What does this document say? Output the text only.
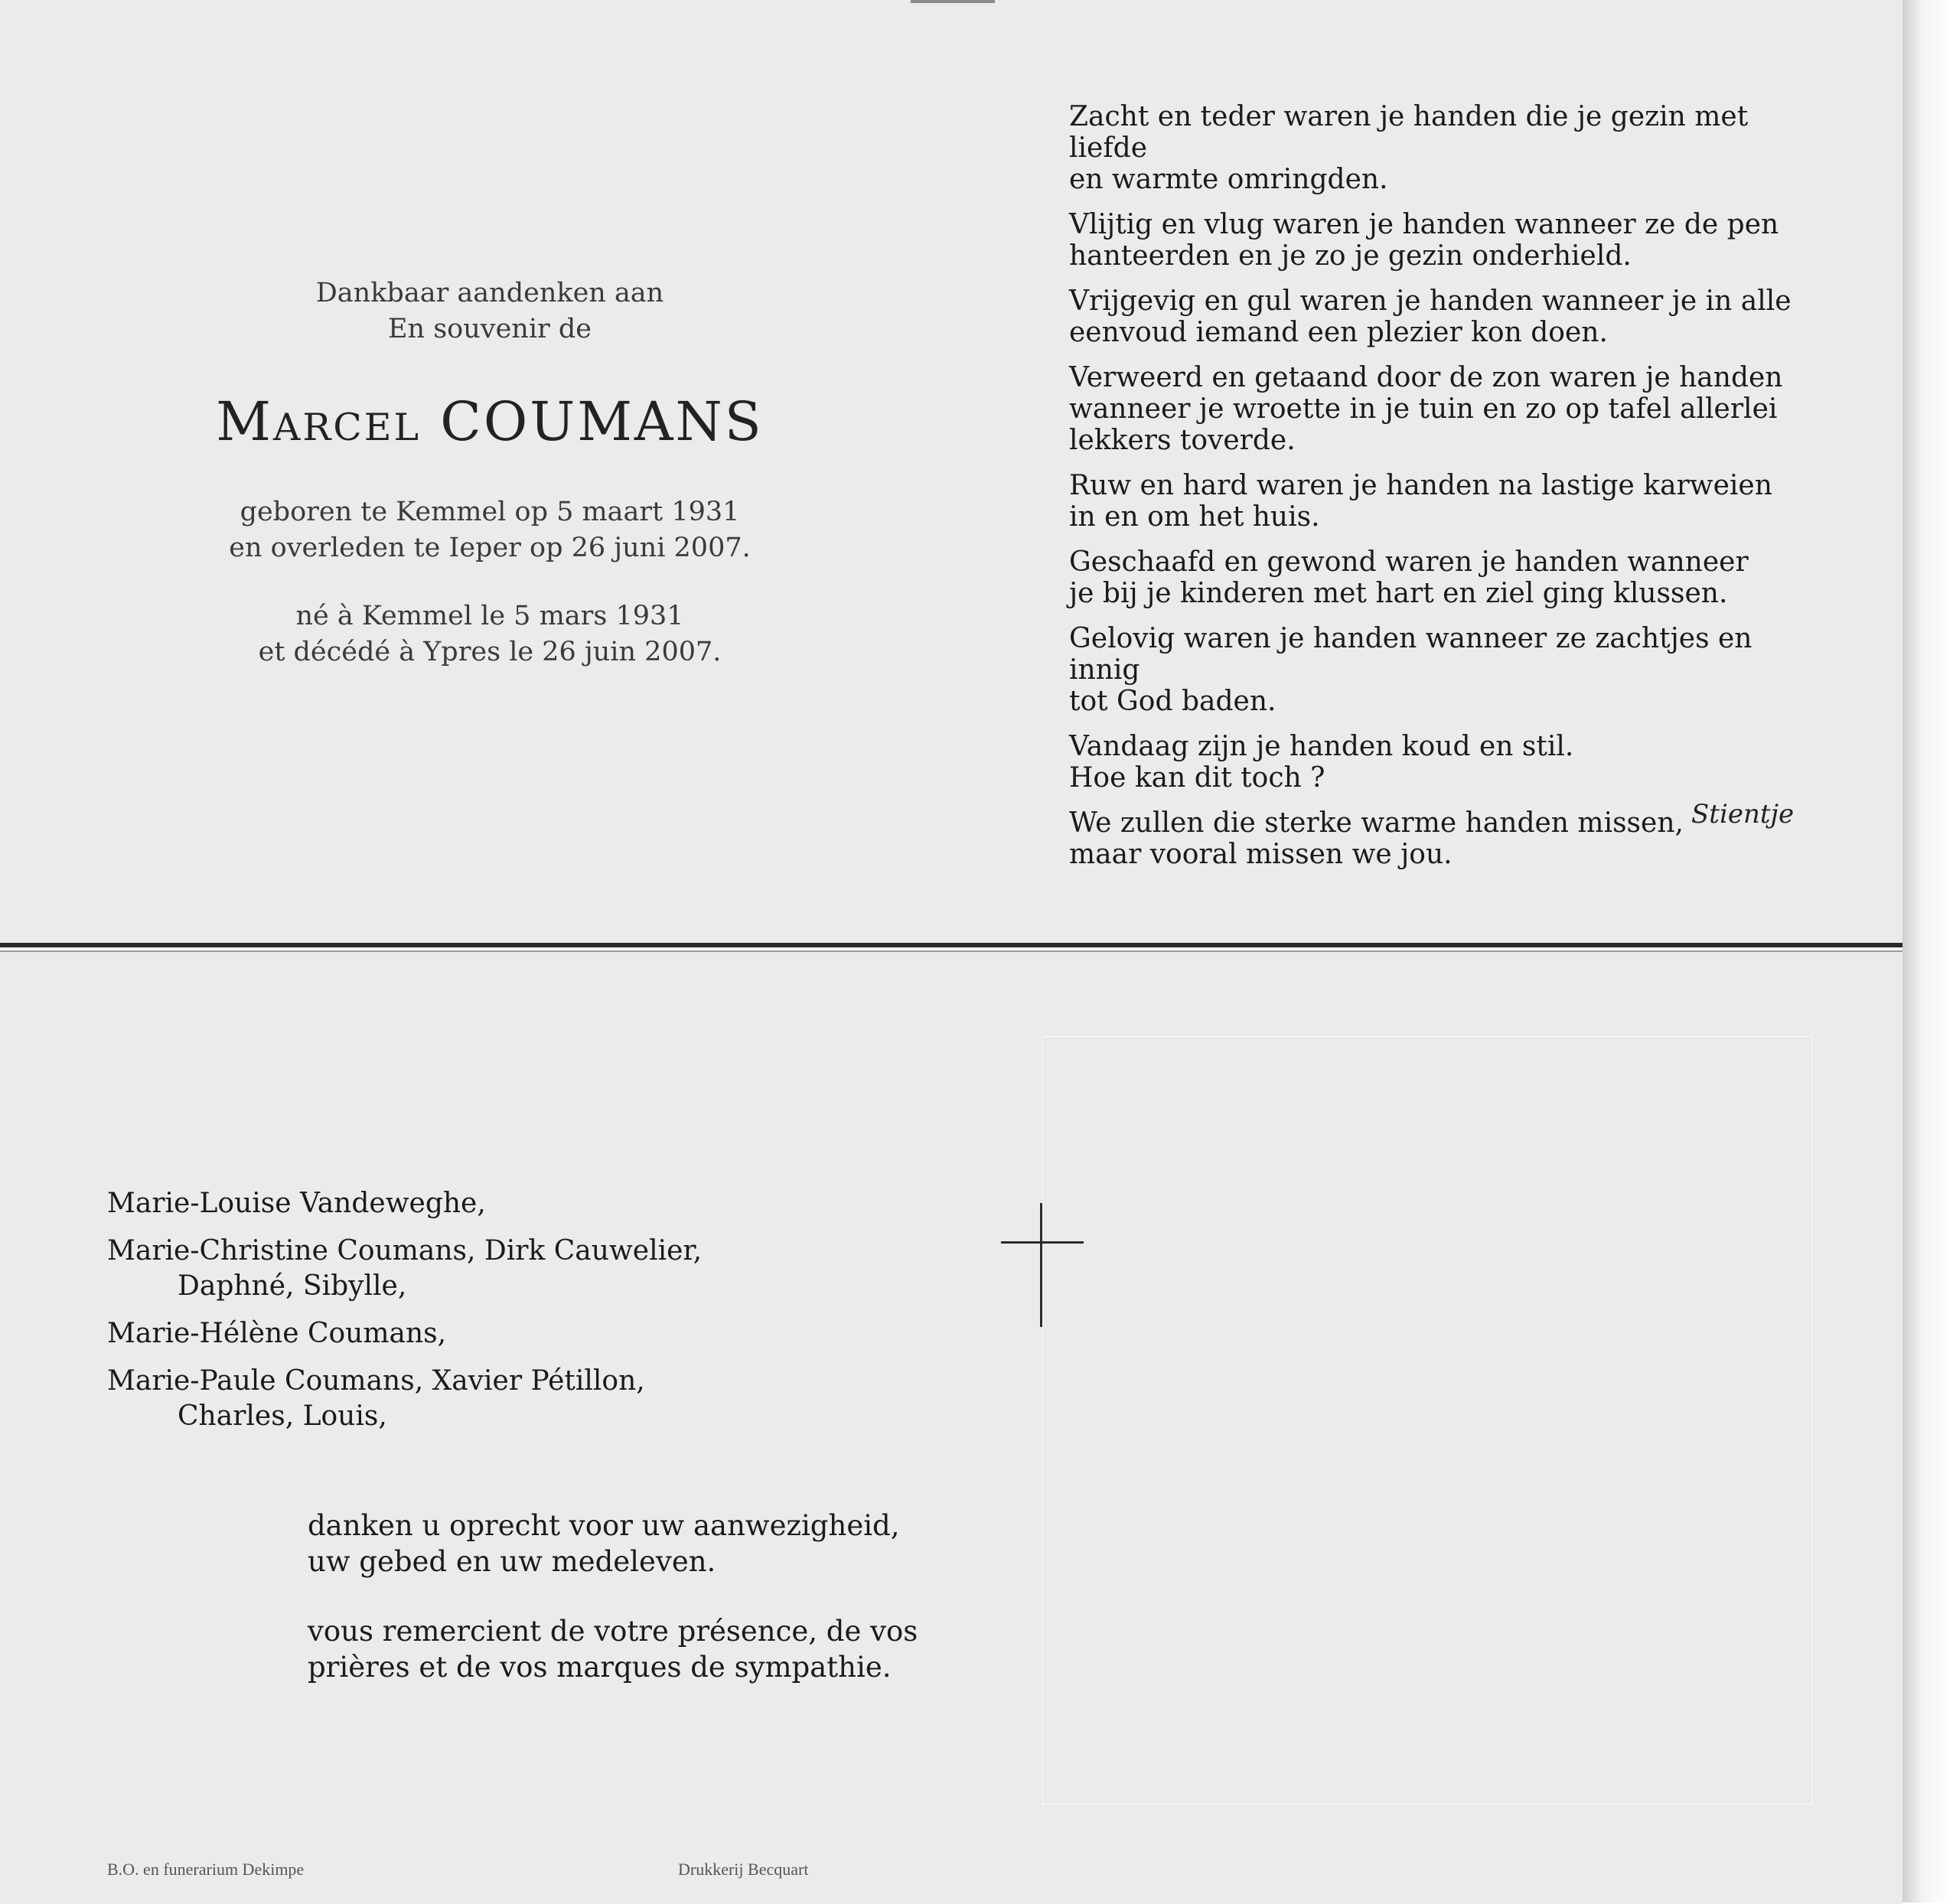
Dankbaar aandenken aan
En souvenir de
Marcel COUMANS
geboren te Kemmel op 5 maart 1931
en overleden te Ieper op 26 juni 2007.
né à Kemmel le 5 mars 1931
et décédé à Ypres le 26 juin 2007.

Zacht en teder waren je handen die je gezin met liefde
en warmte omringden.

Vlijtig en vlug waren je handen wanneer ze de pen
hanteerden en je zo je gezin onderhield.

Vrijgevig en gul waren je handen wanneer je in alle
eenvoud iemand een plezier kon doen.

Verweerd en getaand door de zon waren je handen
wanneer je wroette in je tuin en zo op tafel allerlei
lekkers toverde.

Ruw en hard waren je handen na lastige karweien
in en om het huis.

Geschaafd en gewond waren je handen wanneer
je bij je kinderen met hart en ziel ging klussen.

Gelovig waren je handen wanneer ze zachtjes en innig
tot God baden.

Vandaag zijn je handen koud en stil.
Hoe kan dit toch ?

We zullen die sterke warme handen missen,
maar vooral missen we jou.

Stientje
Marie-Louise Vandeweghe,
Marie-Christine Coumans, Dirk Cauwelier,
Daphné, Sibylle,
Marie-Hélène Coumans,
Marie-Paule Coumans, Xavier Pétillon,
Charles, Louis,

danken u oprecht voor uw aanwezigheid,
uw gebed en uw medeleven.

vous remercient de votre présence, de vos
prières et de vos marques de sympathie.

B.O. en funerarium Dekimpe	Drukkerij Becquart
